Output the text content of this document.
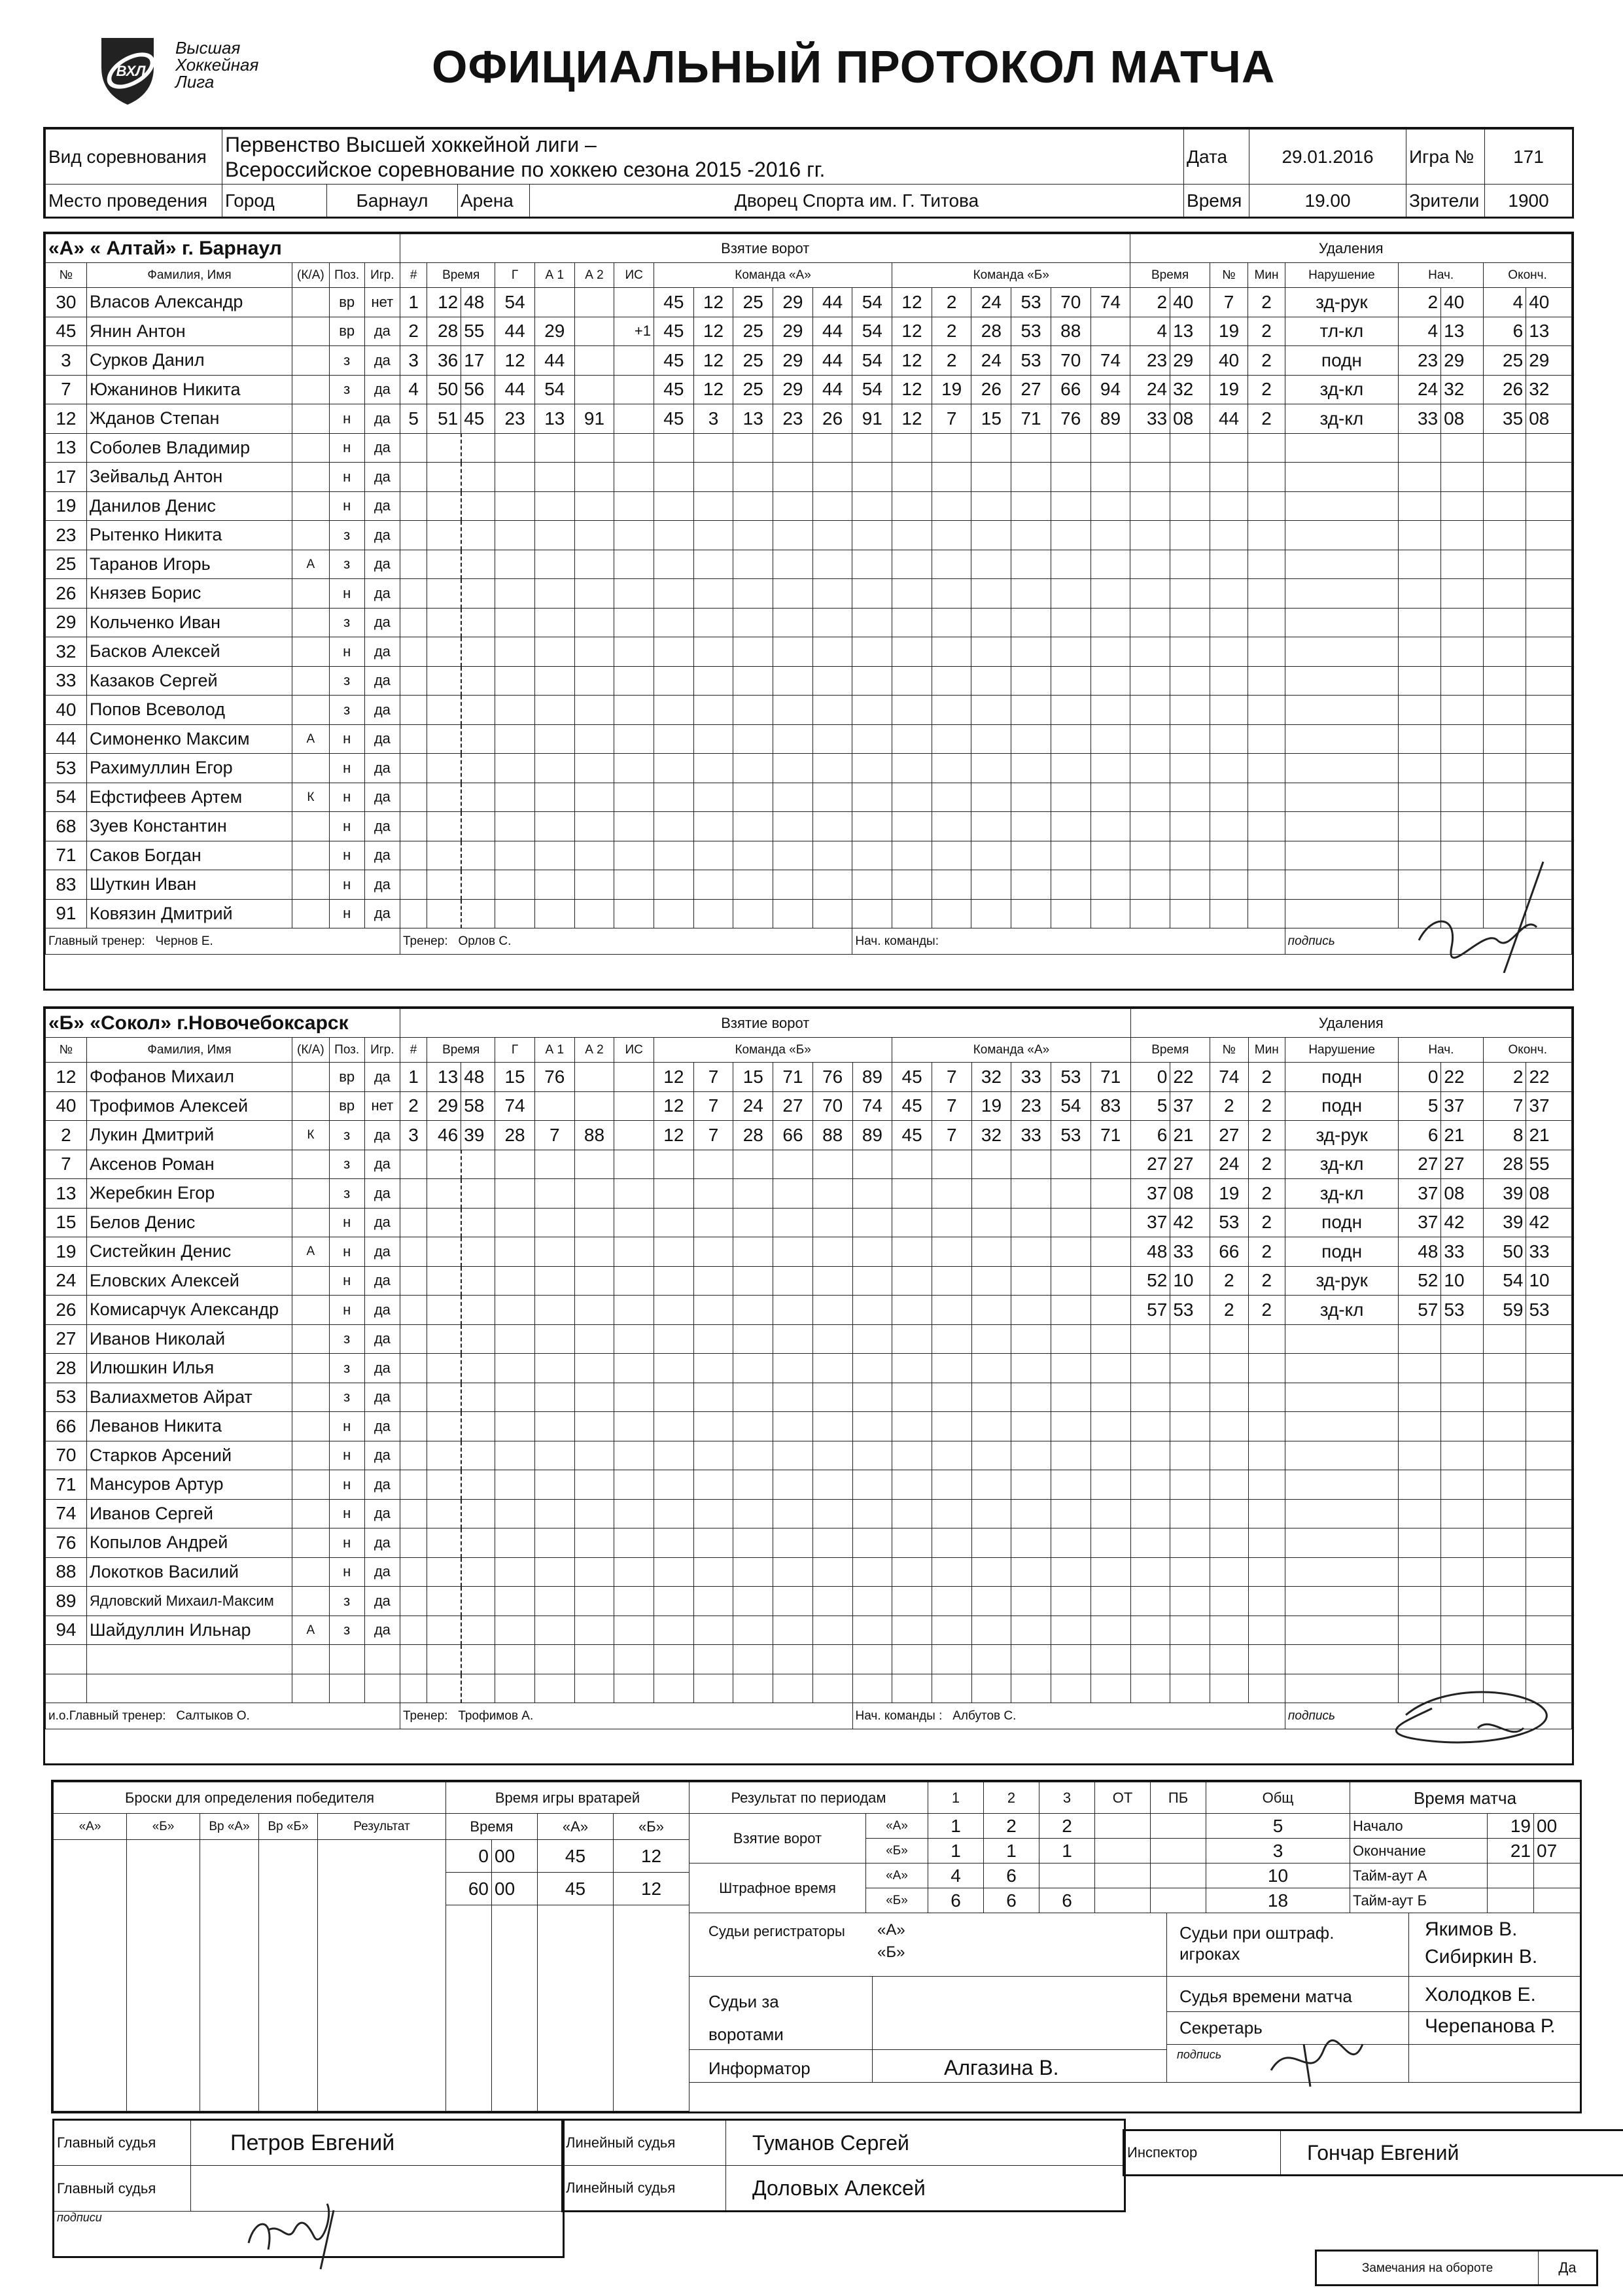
ВХЛ
Высшая
Хоккейная
Лига	ОФИЦИАЛЬНЫЙ ПРОТОКОЛ МАТЧА
Вид соревнования	Первенство Высшей хоккейной лиги –
Всероссийское соревнование по хоккею сезона 2015 -2016 гг.				Дата	29.01.2016	Игра №	171
Место проведения	Город	Барнаул	Арена	Дворец Спорта им. Г. Титова	Время	19.00	Зрители	1900
«А» « Алтай» г. Барнаул					Взятие ворот																			Удаления								
№	Фамилия, Имя	(К/А)	Поз.	Игр.	#	Время		Г	А 1	А 2	ИС	Команда «А»						Команда «Б»						Время		№	Мин	Нарушение	Нач.		Оконч.	
30	Власов Александр		вр	нет	1	12	48	54				45	12	25	29	44	54	12	2	24	53	70	74	2	40	7	2	зд-рук	2	40	4	40
45	Янин Антон		вр	да	2	28	55	44	29		+1	45	12	25	29	44	54	12	2	28	53	88		4	13	19	2	тл-кл	4	13	6	13
3	Сурков Данил		з	да	3	36	17	12	44			45	12	25	29	44	54	12	2	24	53	70	74	23	29	40	2	подн	23	29	25	29
7	Южанинов Никита		з	да	4	50	56	44	54			45	12	25	29	44	54	12	19	26	27	66	94	24	32	19	2	зд-кл	24	32	26	32
12	Жданов Степан		н	да	5	51	45	23	13	91		45	3	13	23	26	91	12	7	15	71	76	89	33	08	44	2	зд-кл	33	08	35	08
13	Соболев Владимир		н	да																												
17	Зейвальд Антон		н	да																												
19	Данилов Денис		н	да																												
23	Рытенко Никита		з	да																												
25	Таранов Игорь	А	з	да																												
26	Князев Борис		н	да																												
29	Кольченко Иван		з	да																												
32	Басков Алексей		н	да																												
33	Казаков Сергей		з	да																												
40	Попов Всеволод		з	да																												
44	Симоненко Максим	А	н	да																												
53	Рахимуллин Егор		н	да																												
54	Ефстифеев Артем	К	н	да																												
68	Зуев Константин		н	да																												
71	Саков Богдан		н	да																												
83	Шуткин Иван		н	да																												
91	Ковязин Дмитрий		н	да																												
Главный тренер: Чернов Е.					Тренер: Орлов С.												Нач. команды:											подпись				
«Б» «Сокол» г.Новочебоксарск					Взятие ворот																			Удаления								
№	Фамилия, Имя	(К/А)	Поз.	Игр.	#	Время		Г	А 1	А 2	ИС	Команда «Б»						Команда «А»						Время		№	Мин	Нарушение	Нач.		Оконч.	
12	Фофанов Михаил		вр	да	1	13	48	15	76			12	7	15	71	76	89	45	7	32	33	53	71	0	22	74	2	подн	0	22	2	22
40	Трофимов Алексей		вр	нет	2	29	58	74				12	7	24	27	70	74	45	7	19	23	54	83	5	37	2	2	подн	5	37	7	37
2	Лукин Дмитрий	К	з	да	3	46	39	28	7	88		12	7	28	66	88	89	45	7	32	33	53	71	6	21	27	2	зд-рук	6	21	8	21
7	Аксенов Роман		з	да																				27	27	24	2	зд-кл	27	27	28	55
13	Жеребкин Егор		з	да																				37	08	19	2	зд-кл	37	08	39	08
15	Белов Денис		н	да																				37	42	53	2	подн	37	42	39	42
19	Систейкин Денис	А	н	да																				48	33	66	2	подн	48	33	50	33
24	Еловских Алексей		н	да																				52	10	2	2	зд-рук	52	10	54	10
26	Комисарчук Александр		н	да																				57	53	2	2	зд-кл	57	53	59	53
27	Иванов Николай		з	да																												
28	Илюшкин Илья		з	да																												
53	Валиахметов Айрат		з	да																												
66	Леванов Никита		н	да																												
70	Старков Арсений		н	да																												
71	Мансуров Артур		н	да																												
74	Иванов Сергей		н	да																												
76	Копылов Андрей		н	да																												
88	Локотков Василий		н	да																												
89	Ядловский Михаил-Максим		з	да																												
94	Шайдуллин Ильнар	А	з	да																												

и.о.Главный тренер: Салтыков О.					Тренер: Трофимов А.												Нач. команды : Албутов С.											подпись				
Броски для определения победителя				
«А»	«Б»	Вр «А»	Вр «Б»	Результат

Время игры вратарей			
Время		«А»	«Б»
0	00	45	12
60	00	45	12

Результат по периодам		1	2	3	ОТ	ПБ	Общ
Взятие ворот	«А»	1	2	2			5
	«Б»	1	1	1			3
Штрафное время	«А»	4	6				10
	«Б»	6	6	6			18
Время матча		
Начало	19	00
Окончание	21	07
Тайм-аут А		
Тайм-аут Б		
Судьи регистраторы	«А»
«Б»
Судьи за воротами
Информатор	Алгазина В.
Судьи при оштраф. игроках
Якимов В.
Сибиркин В.
Судья времени матча	Холодков Е.
Секретарь	Черепанова Р.
подпись
Главный судья	Петров Евгений
Главный судья	
подписи	
Линейный судья	Туманов Сергей
Линейный судья	Доловых Алексей
Инспектор	Гончар Евгений
Замечания на обороте	Да
